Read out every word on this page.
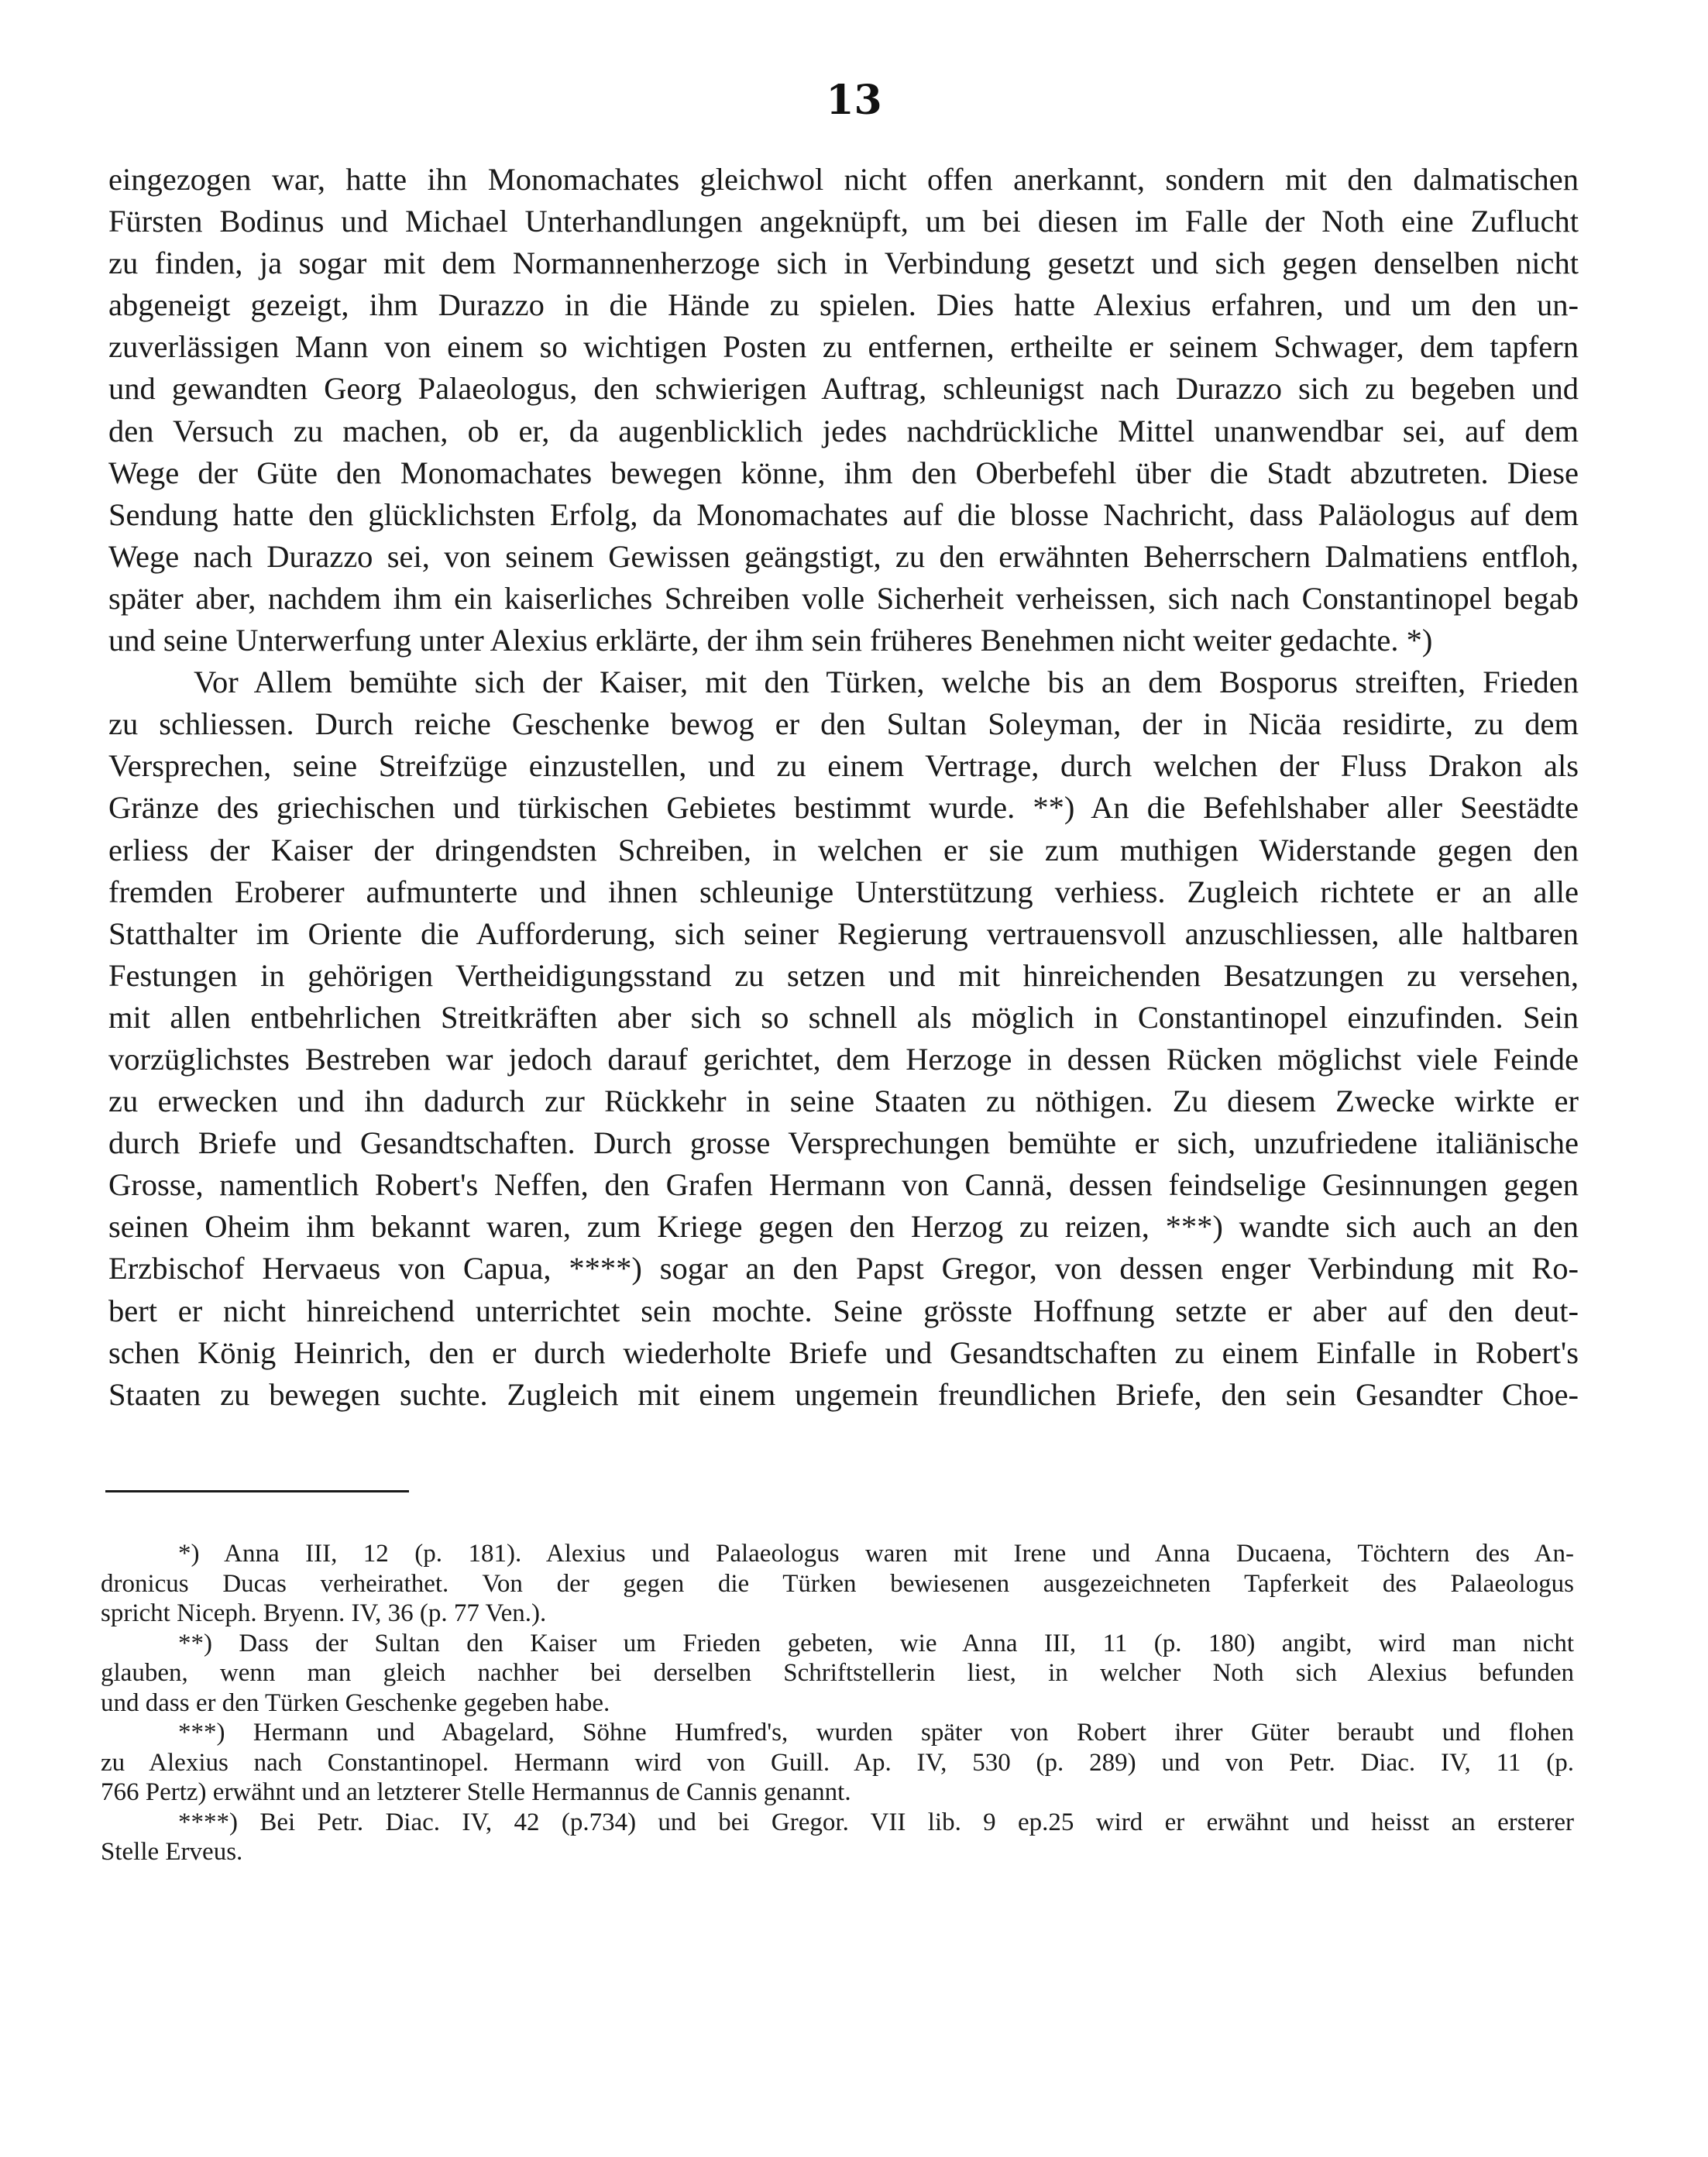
13
eingezogen war, hatte ihn Monomachates gleichwol nicht offen anerkannt, sondern mit den dalmatischen
Fürsten Bodinus und Michael Unterhandlungen angeknüpft, um bei diesen im Falle der Noth eine Zuflucht
zu finden, ja sogar mit dem Normannenherzoge sich in Verbindung gesetzt und sich gegen denselben nicht
abgeneigt gezeigt, ihm Durazzo in die Hände zu spielen. Dies hatte Alexius erfahren, und um den un-
zuverlässigen Mann von einem so wichtigen Posten zu entfernen, ertheilte er seinem Schwager, dem tapfern
und gewandten Georg Palaeologus, den schwierigen Auftrag, schleunigst nach Durazzo sich zu begeben und
den Versuch zu machen, ob er, da augenblicklich jedes nachdrückliche Mittel unanwendbar sei, auf dem
Wege der Güte den Monomachates bewegen könne, ihm den Oberbefehl über die Stadt abzutreten. Diese
Sendung hatte den glücklichsten Erfolg, da Monomachates auf die blosse Nachricht, dass Paläologus auf dem
Wege nach Durazzo sei, von seinem Gewissen geängstigt, zu den erwähnten Beherrschern Dalmatiens entfloh,
später aber, nachdem ihm ein kaiserliches Schreiben volle Sicherheit verheissen, sich nach Constantinopel begab
und seine Unterwerfung unter Alexius erklärte, der ihm sein früheres Benehmen nicht weiter gedachte. *)
Vor Allem bemühte sich der Kaiser, mit den Türken, welche bis an dem Bosporus streiften, Frieden
zu schliessen. Durch reiche Geschenke bewog er den Sultan Soleyman, der in Nicäa residirte, zu dem
Versprechen, seine Streifzüge einzustellen, und zu einem Vertrage, durch welchen der Fluss Drakon als
Gränze des griechischen und türkischen Gebietes bestimmt wurde. **) An die Befehlshaber aller Seestädte
erliess der Kaiser der dringendsten Schreiben, in welchen er sie zum muthigen Widerstande gegen den
fremden Eroberer aufmunterte und ihnen schleunige Unterstützung verhiess. Zugleich richtete er an alle
Statthalter im Oriente die Aufforderung, sich seiner Regierung vertrauensvoll anzuschliessen, alle haltbaren
Festungen in gehörigen Vertheidigungsstand zu setzen und mit hinreichenden Besatzungen zu versehen,
mit allen entbehrlichen Streitkräften aber sich so schnell als möglich in Constantinopel einzufinden. Sein
vorzüglichstes Bestreben war jedoch darauf gerichtet, dem Herzoge in dessen Rücken möglichst viele Feinde
zu erwecken und ihn dadurch zur Rückkehr in seine Staaten zu nöthigen. Zu diesem Zwecke wirkte er
durch Briefe und Gesandtschaften. Durch grosse Versprechungen bemühte er sich, unzufriedene italiänische
Grosse, namentlich Robert's Neffen, den Grafen Hermann von Cannä, dessen feindselige Gesinnungen gegen
seinen Oheim ihm bekannt waren, zum Kriege gegen den Herzog zu reizen, ***) wandte sich auch an den
Erzbischof Hervaeus von Capua, ****) sogar an den Papst Gregor, von dessen enger Verbindung mit Ro-
bert er nicht hinreichend unterrichtet sein mochte. Seine grösste Hoffnung setzte er aber auf den deut-
schen König Heinrich, den er durch wiederholte Briefe und Gesandtschaften zu einem Einfalle in Robert's
Staaten zu bewegen suchte. Zugleich mit einem ungemein freundlichen Briefe, den sein Gesandter Choe-
*) Anna III, 12 (p. 181). Alexius und Palaeologus waren mit Irene und Anna Ducaena, Töchtern des An-
dronicus Ducas verheirathet. Von der gegen die Türken bewiesenen ausgezeichneten Tapferkeit des Palaeologus
spricht Niceph. Bryenn. IV, 36 (p. 77 Ven.).
**) Dass der Sultan den Kaiser um Frieden gebeten, wie Anna III, 11 (p. 180) angibt, wird man nicht
glauben, wenn man gleich nachher bei derselben Schriftstellerin liest, in welcher Noth sich Alexius befunden
und dass er den Türken Geschenke gegeben habe.
***) Hermann und Abagelard, Söhne Humfred's, wurden später von Robert ihrer Güter beraubt und flohen
zu Alexius nach Constantinopel. Hermann wird von Guill. Ap. IV, 530 (p. 289) und von Petr. Diac. IV, 11 (p.
766 Pertz) erwähnt und an letzterer Stelle Hermannus de Cannis genannt.
****) Bei Petr. Diac. IV, 42 (p.734) und bei Gregor. VII lib. 9 ep.25 wird er erwähnt und heisst an ersterer
Stelle Erveus.
